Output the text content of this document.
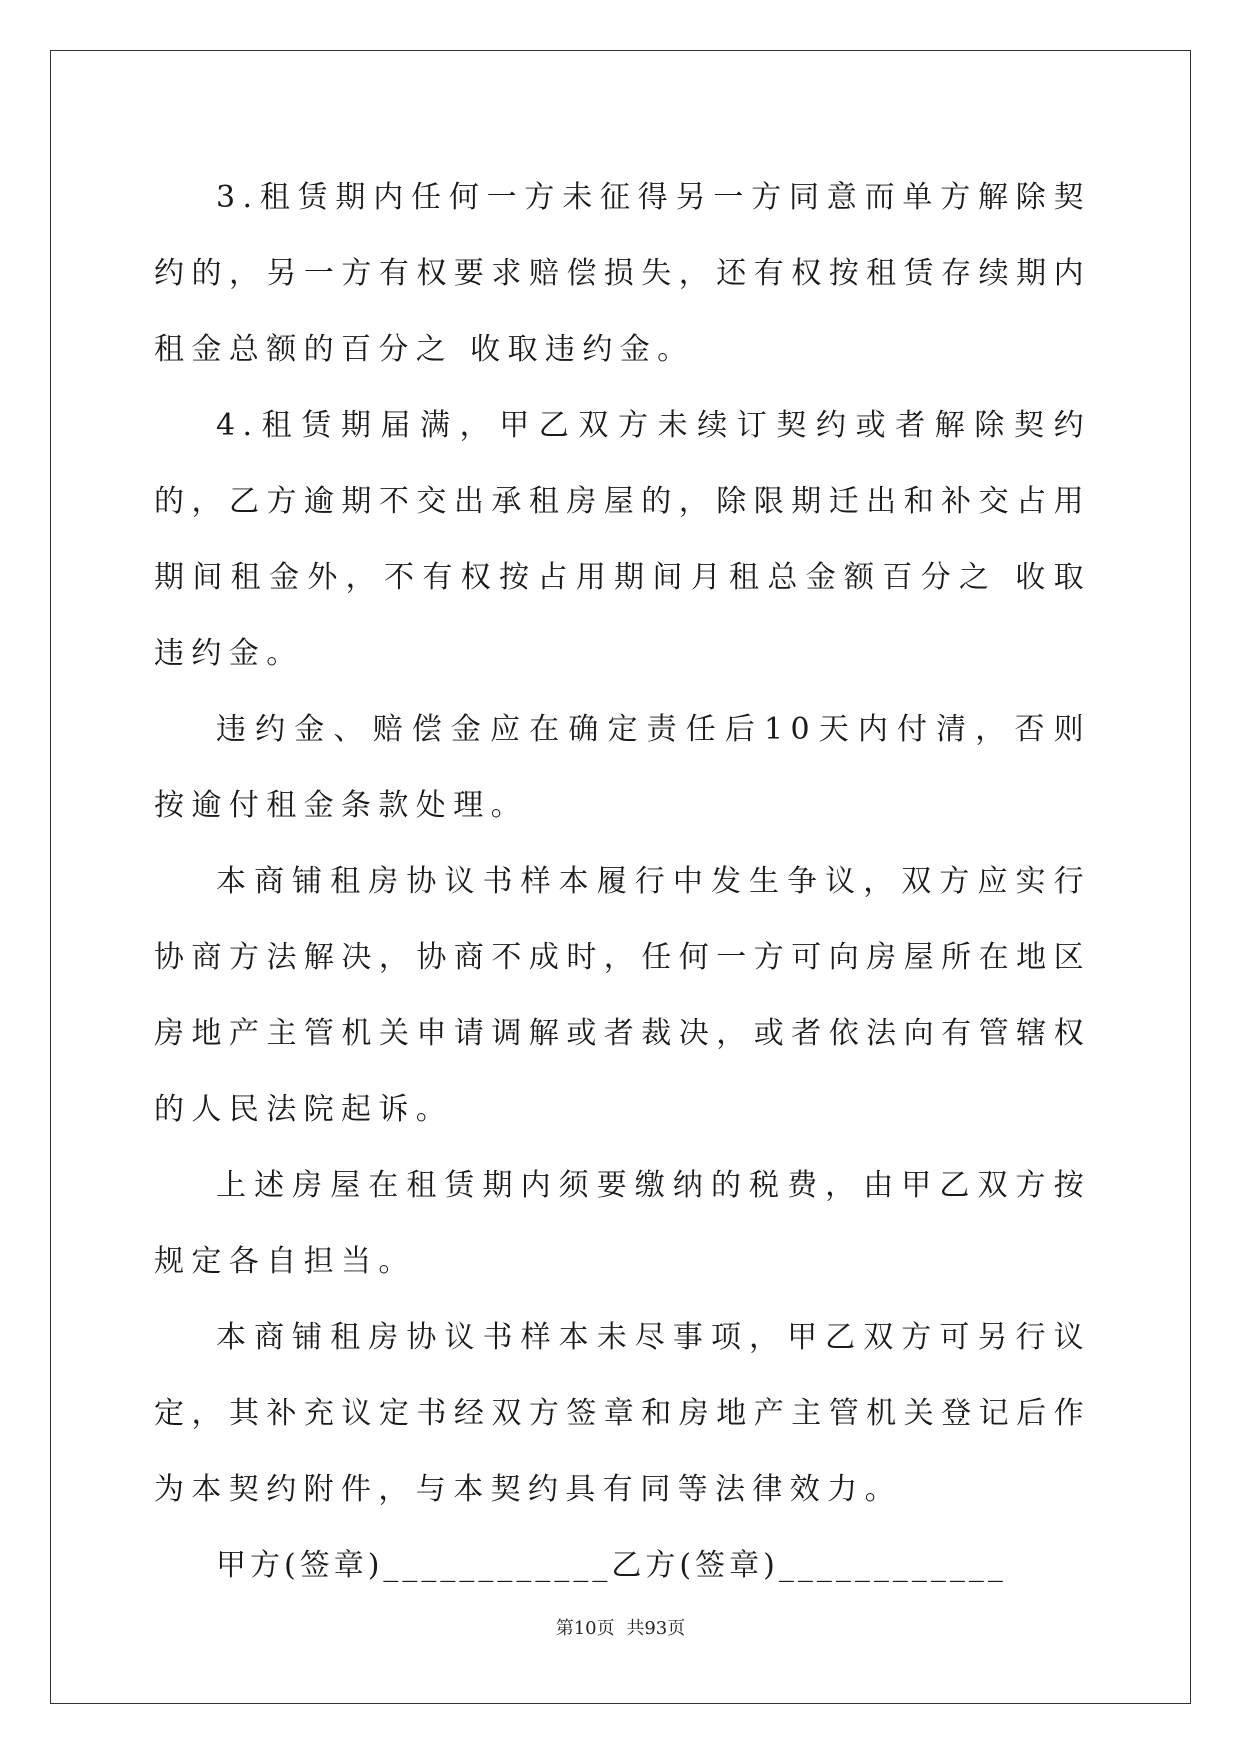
3.租赁期内任何一方未征得另一方同意而单方解除契约的，另一方有权要求赔偿损失，还有权按租赁存续期内租金总额的百分之 收取违约金。

4.租赁期届满，甲乙双方未续订契约或者解除契约的，乙方逾期不交出承租房屋的，除限期迁出和补交占用期间租金外，不有权按占用期间月租总金额百分之 收取违约金。

违约金、赔偿金应在确定责任后10天内付清，否则按逾付租金条款处理。

本商铺租房协议书样本履行中发生争议，双方应实行协商方法解决，协商不成时，任何一方可向房屋所在地区房地产主管机关申请调解或者裁决，或者依法向有管辖权的人民法院起诉。

上述房屋在租赁期内须要缴纳的税费，由甲乙双方按规定各自担当。

本商铺租房协议书样本未尽事项，甲乙双方可另行议定，其补充议定书经双方签章和房地产主管机关登记后作为本契约附件，与本契约具有同等法律效力。

甲方(签章)____________乙方(签章)____________

第10页 共93页
